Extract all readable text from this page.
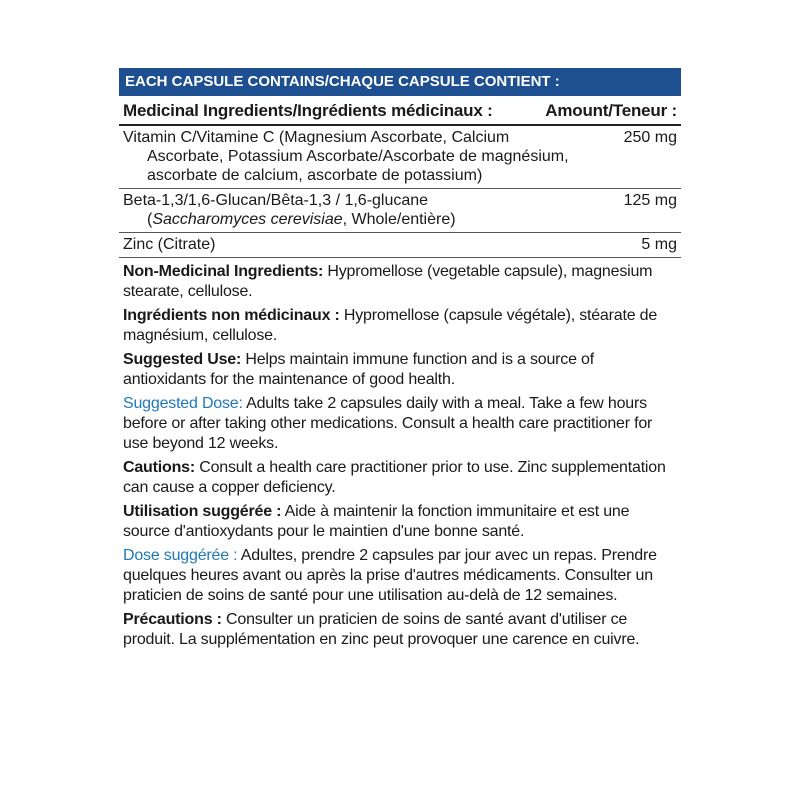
EACH CAPSULE CONTAINS/CHAQUE CAPSULE CONTIENT :
Medicinal Ingredients/Ingrédients médicinaux :	Amount/Teneur :
Vitamin C/Vitamine C (Magnesium Ascorbate, Calcium
Ascorbate, Potassium Ascorbate/Ascorbate de magnésium,
ascorbate de calcium, ascorbate de potassium)
250 mg
Beta-1,3/1,6-Glucan/Bêta-1,3 / 1,6-glucane
(Saccharomyces cerevisiae, Whole/entière)
125 mg
Zinc (Citrate)	5 mg
Non-Medicinal Ingredients: Hypromellose (vegetable capsule), magnesium stearate, cellulose.
Ingrédients non médicinaux : Hypromellose (capsule végétale), stéarate de magnésium, cellulose.
Suggested Use: Helps maintain immune function and is a source of antioxidants for the maintenance of good health.
Suggested Dose: Adults take 2 capsules daily with a meal. Take a few hours before or after taking other medications. Consult a health care practitioner for use beyond 12 weeks.
Cautions: Consult a health care practitioner prior to use. Zinc supplementation can cause a copper deficiency.
Utilisation suggérée : Aide à maintenir la fonction immunitaire et est une source d'antioxydants pour le maintien d'une bonne santé.
Dose suggérée : Adultes, prendre 2 capsules par jour avec un repas. Prendre quelques heures avant ou après la prise d'autres médicaments. Consulter un praticien de soins de santé pour une utilisation au-delà de 12 semaines.
Précautions : Consulter un praticien de soins de santé avant d'utiliser ce produit. La supplémentation en zinc peut provoquer une carence en cuivre.
